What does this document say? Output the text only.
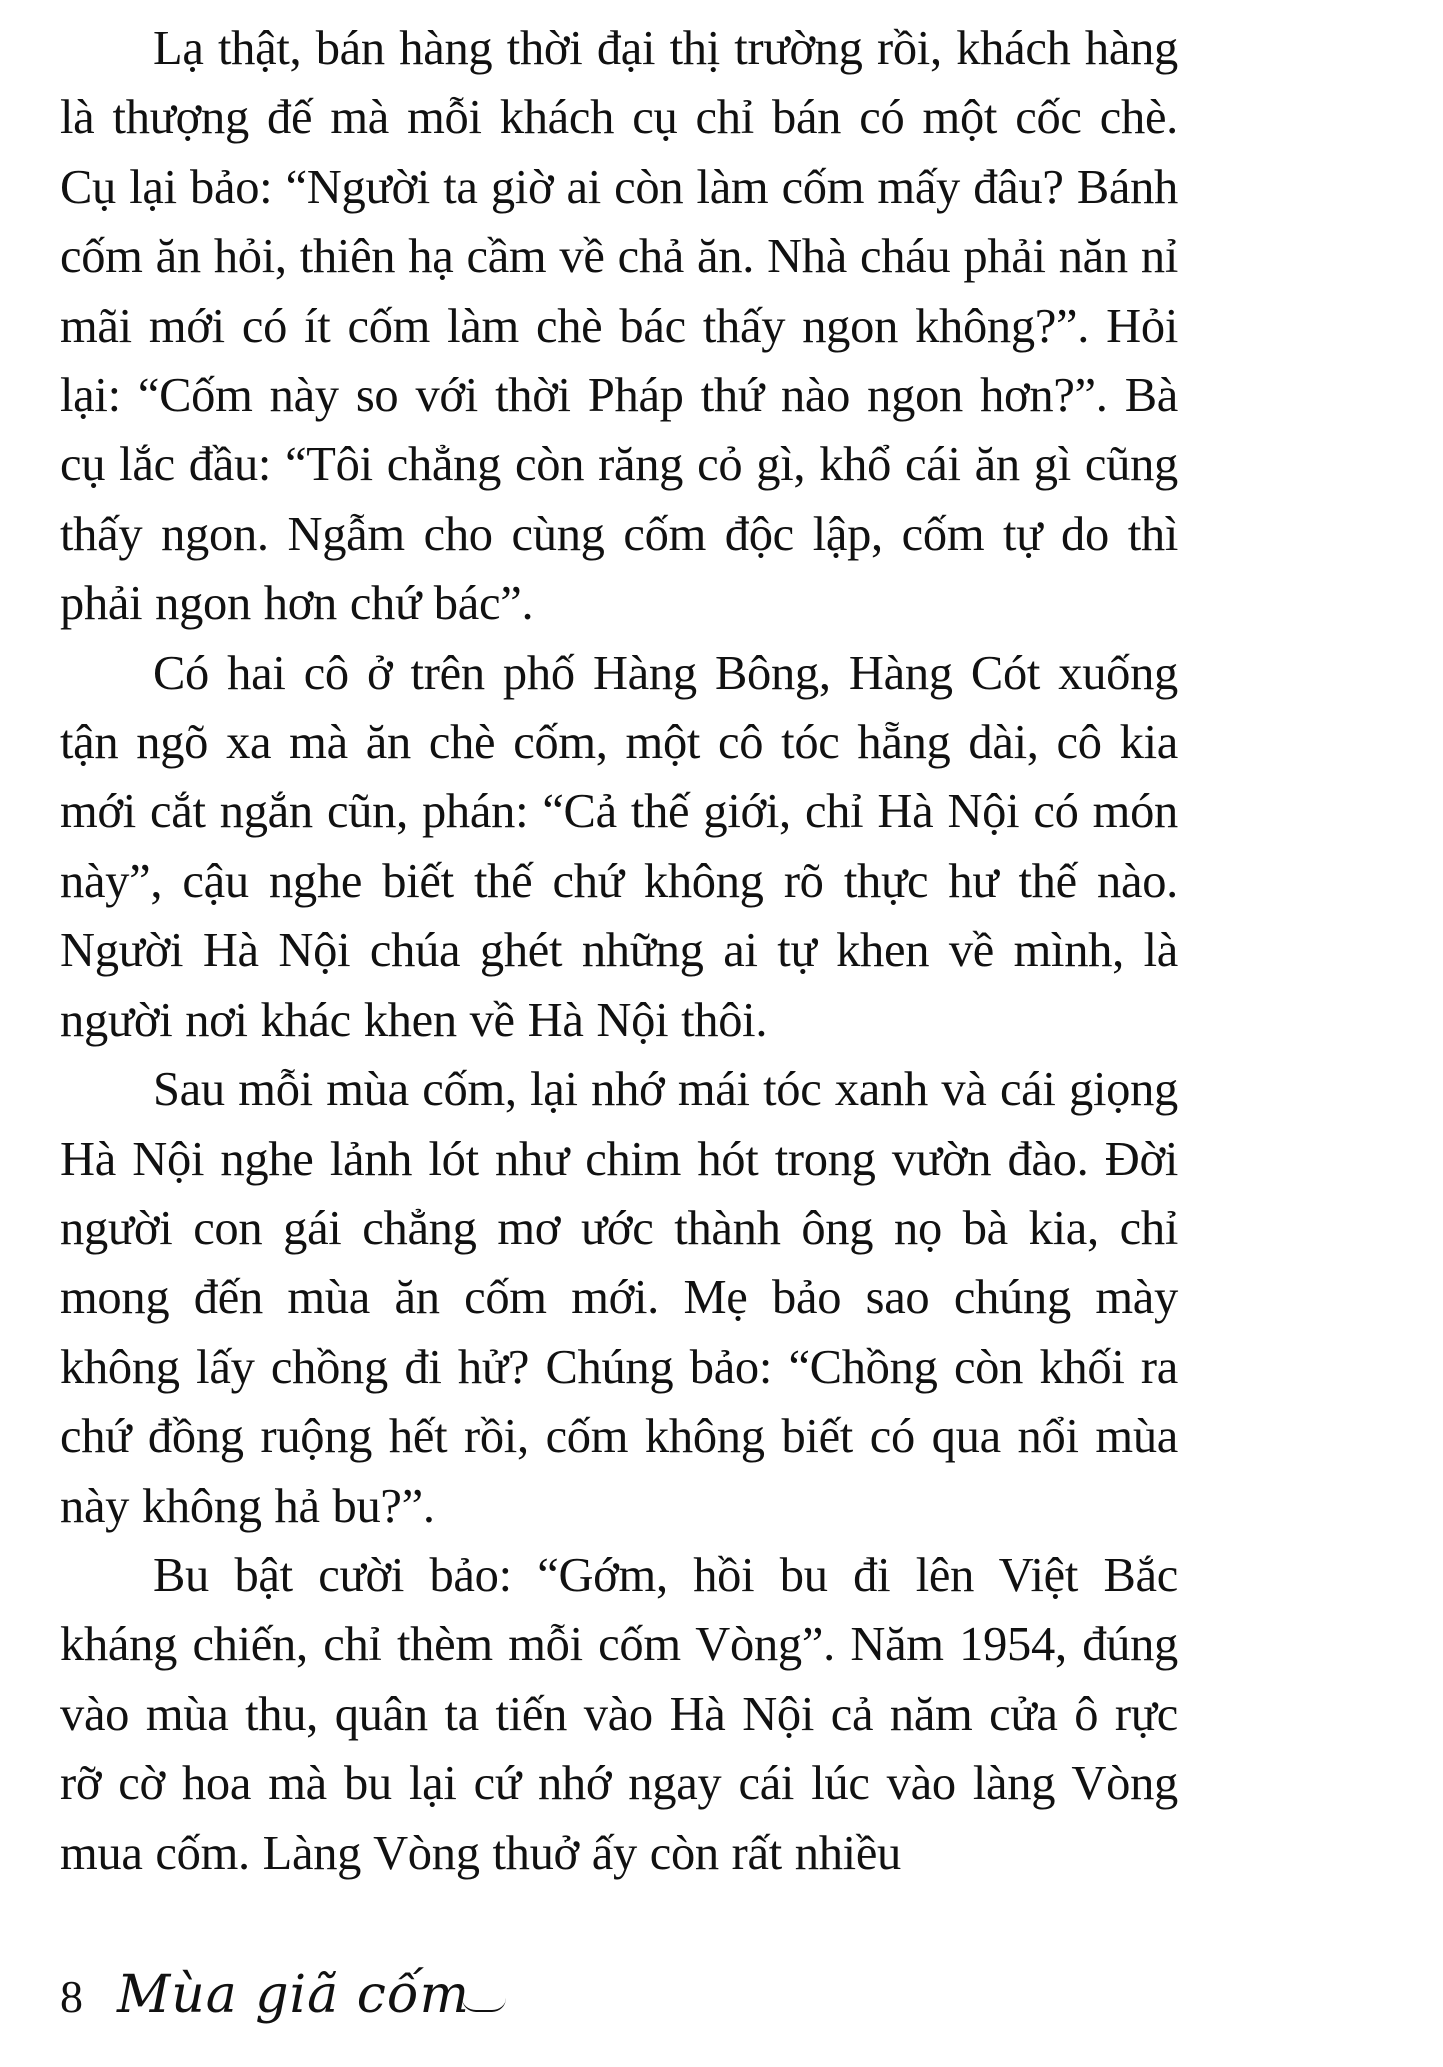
Lạ thật, bán hàng thời đại thị trường rồi, khách hàng là thượng đế mà mỗi khách cụ chỉ bán có một cốc chè. Cụ lại bảo: “Người ta giờ ai còn làm cốm mấy đâu? Bánh cốm ăn hỏi, thiên hạ cầm về chả ăn. Nhà cháu phải năn nỉ mãi mới có ít cốm làm chè bác thấy ngon không?”. Hỏi lại: “Cốm này so với thời Pháp thứ nào ngon hơn?”. Bà cụ lắc đầu: “Tôi chẳng còn răng cỏ gì, khổ cái ăn gì cũng thấy ngon. Ngẫm cho cùng cốm độc lập, cốm tự do thì phải ngon hơn chứ bác”.

Có hai cô ở trên phố Hàng Bông, Hàng Cót xuống tận ngõ xa mà ăn chè cốm, một cô tóc hẵng dài, cô kia mới cắt ngắn cũn, phán: “Cả thế giới, chỉ Hà Nội có món này”, cậu nghe biết thế chứ không rõ thực hư thế nào. Người Hà Nội chúa ghét những ai tự khen về mình, là người nơi khác khen về Hà Nội thôi.

Sau mỗi mùa cốm, lại nhớ mái tóc xanh và cái giọng Hà Nội nghe lảnh lót như chim hót trong vườn đào. Đời người con gái chẳng mơ ước thành ông nọ bà kia, chỉ mong đến mùa ăn cốm mới. Mẹ bảo sao chúng mày không lấy chồng đi hử? Chúng bảo: “Chồng còn khối ra chứ đồng ruộng hết rồi, cốm không biết có qua nổi mùa này không hả bu?”.

Bu bật cười bảo: “Gớm, hồi bu đi lên Việt Bắc kháng chiến, chỉ thèm mỗi cốm Vòng”. Năm 1954, đúng vào mùa thu, quân ta tiến vào Hà Nội cả năm cửa ô rực rỡ cờ hoa mà bu lại cứ nhớ ngay cái lúc vào làng Vòng mua cốm. Làng Vòng thuở ấy còn rất nhiều

8 Mùa giã cốm
